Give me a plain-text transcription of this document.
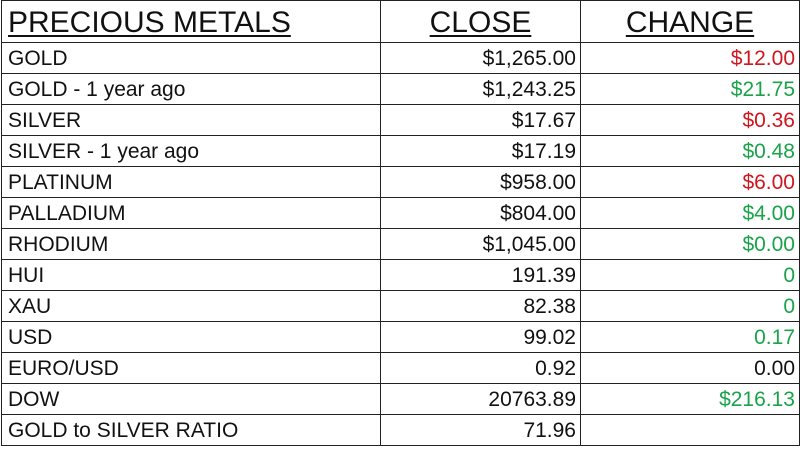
PRECIOUS METALS	CLOSE	CHANGE
GOLD	$1,265.00	$12.00
GOLD - 1 year ago	$1,243.25	$21.75
SILVER	$17.67	$0.36
SILVER - 1 year ago	$17.19	$0.48
PLATINUM	$958.00	$6.00
PALLADIUM	$804.00	$4.00
RHODIUM	$1,045.00	$0.00
HUI	191.39	0
XAU	82.38	0
USD	99.02	0.17
EURO/USD	0.92	0.00
DOW	20763.89	$216.13
GOLD to SILVER RATIO	71.96	
